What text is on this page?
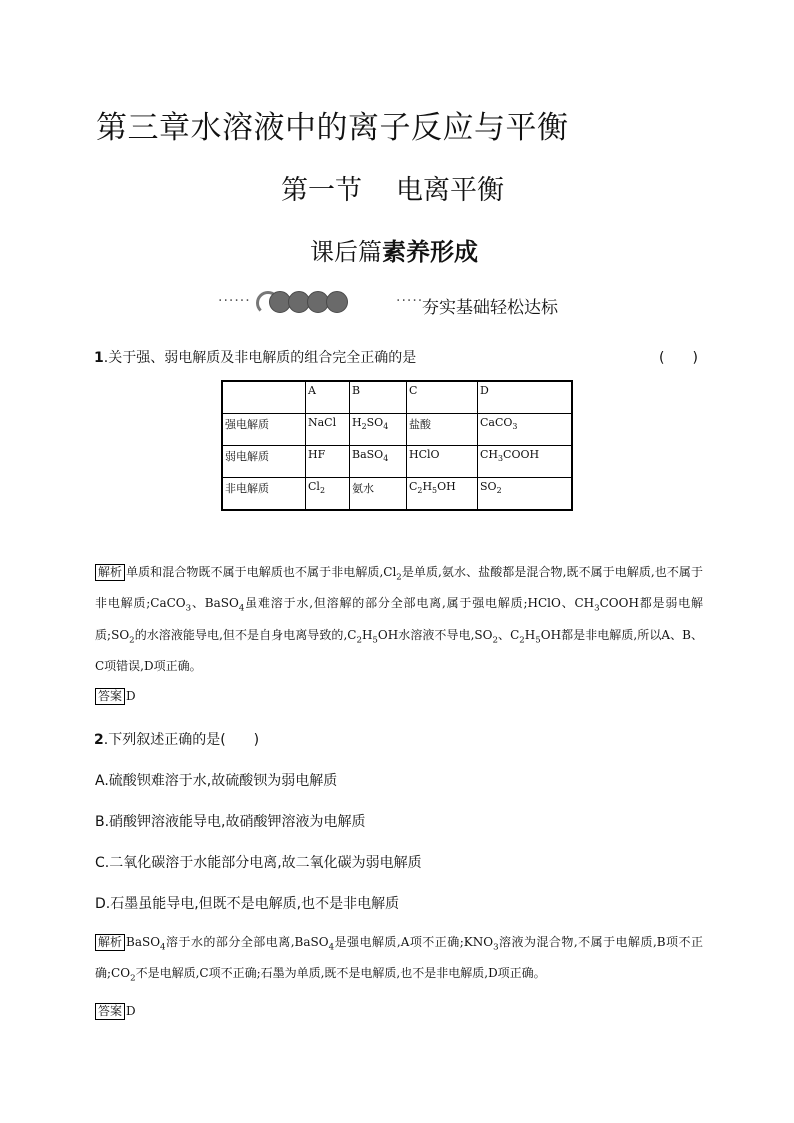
第三章水溶液中的离子反应与平衡
第一节 电离平衡
课后篇素养形成
······	·····
夯实基础轻松达标
1.关于强、弱电解质及非电解质的组合完全正确的是	(　　)
	A	B	C	D
强电解质	NaCl	$H_2SO_4$	盐酸	CaCO$_3$
弱电解质	HF	BaSO$_4$	HClO	$CH_3COOH$
非电解质	$Cl_2$	氨水	$C_2H_5OH$	$SO_2$
解析 单质和混合物既不属于电解质也不属于非电解质$,Cl_2$是单质,氨水、盐酸都是混合物,既不属于电解质,也不属于非电解质;CaCO$_3$、BaSO$_4$虽难溶于水,但溶解的部分全部电离,属于强电解质;HClO、$CH_3COOH$都是弱电解质$;SO_2$的水溶液能导电,但不是自身电离导致的$,C_2H_5OH$水溶液不导电$,SO_2$、$C_2H_5OH$都是非电解质,所以A、B、C项错误,D项正确。
答案 D
2.下列叙述正确的是(　　)
A.硫酸钡难溶于水,故硫酸钡为弱电解质
B.硝酸钾溶液能导电,故硝酸钾溶液为电解质
C.二氧化碳溶于水能部分电离,故二氧化碳为弱电解质
D.石墨虽能导电,但既不是电解质,也不是非电解质
解析 BaSO$_4$溶于水的部分全部电离,BaSO$_4$是强电解质,A项不正确$;KNO_3$溶液为混合物,不属于电解质,B项不正确$;CO_2$不是电解质,C项不正确;石墨为单质,既不是电解质,也不是非电解质,D项正确。
答案 D
